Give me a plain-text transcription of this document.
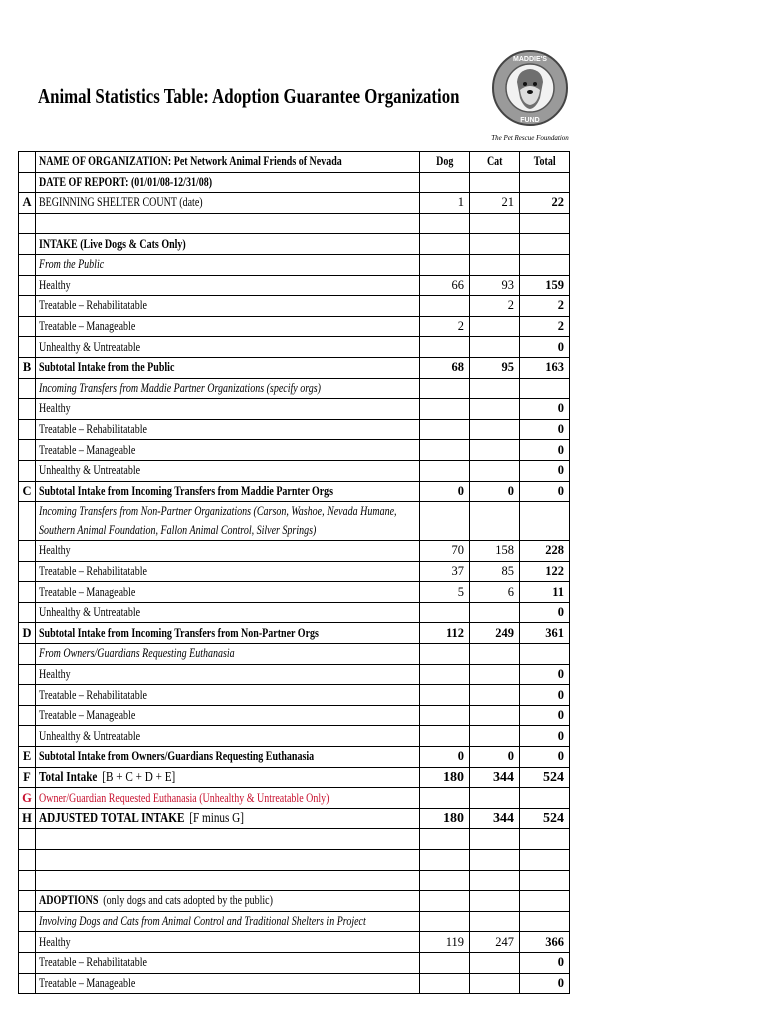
Animal Statistics Table: Adoption Guarantee Organization
MADDIE'S
FUND
The Pet Rescue Foundation
	NAME OF ORGANIZATION: Pet Network Animal Friends of Nevada	Dog	Cat	Total
	DATE OF REPORT: (01/01/08-12/31/08)			
A	BEGINNING SHELTER COUNT (date)	1	21	22

	INTAKE (Live Dogs & Cats Only)			
	From the Public			
	Healthy	66	93	159
	Treatable – Rehabilitatable		2	2
	Treatable – Manageable	2		2
	Unhealthy & Untreatable			0
B	Subtotal Intake from the Public	68	95	163
	Incoming Transfers from Maddie Partner Organizations (specify orgs)			
	Healthy			0
	Treatable – Rehabilitatable			0
	Treatable – Manageable			0
	Unhealthy & Untreatable			0
C	Subtotal Intake from Incoming Transfers from Maddie Parnter Orgs	0	0	0
	Incoming Transfers from Non-Partner Organizations (Carson, Washoe, Nevada Humane, Southern Animal Foundation, Fallon Animal Control, Silver Springs)			
	Healthy	70	158	228
	Treatable – Rehabilitatable	37	85	122
	Treatable – Manageable	5	6	11
	Unhealthy & Untreatable			0
D	Subtotal Intake from Incoming Transfers from Non-Partner Orgs	112	249	361
	From Owners/Guardians Requesting Euthanasia			
	Healthy			0
	Treatable – Rehabilitatable			0
	Treatable – Manageable			0
	Unhealthy & Untreatable			0
E	Subtotal Intake from Owners/Guardians Requesting Euthanasia	0	0	0
F	Total Intake [B + C + D + E]	180	344	524
G	Owner/Guardian Requested Euthanasia (Unhealthy & Untreatable Only)			
H	ADJUSTED TOTAL INTAKE [F minus G]	180	344	524

	ADOPTIONS (only dogs and cats adopted by the public)			
	Involving Dogs and Cats from Animal Control and Traditional Shelters in Project			
	Healthy	119	247	366
	Treatable – Rehabilitatable			0
	Treatable – Manageable			0
